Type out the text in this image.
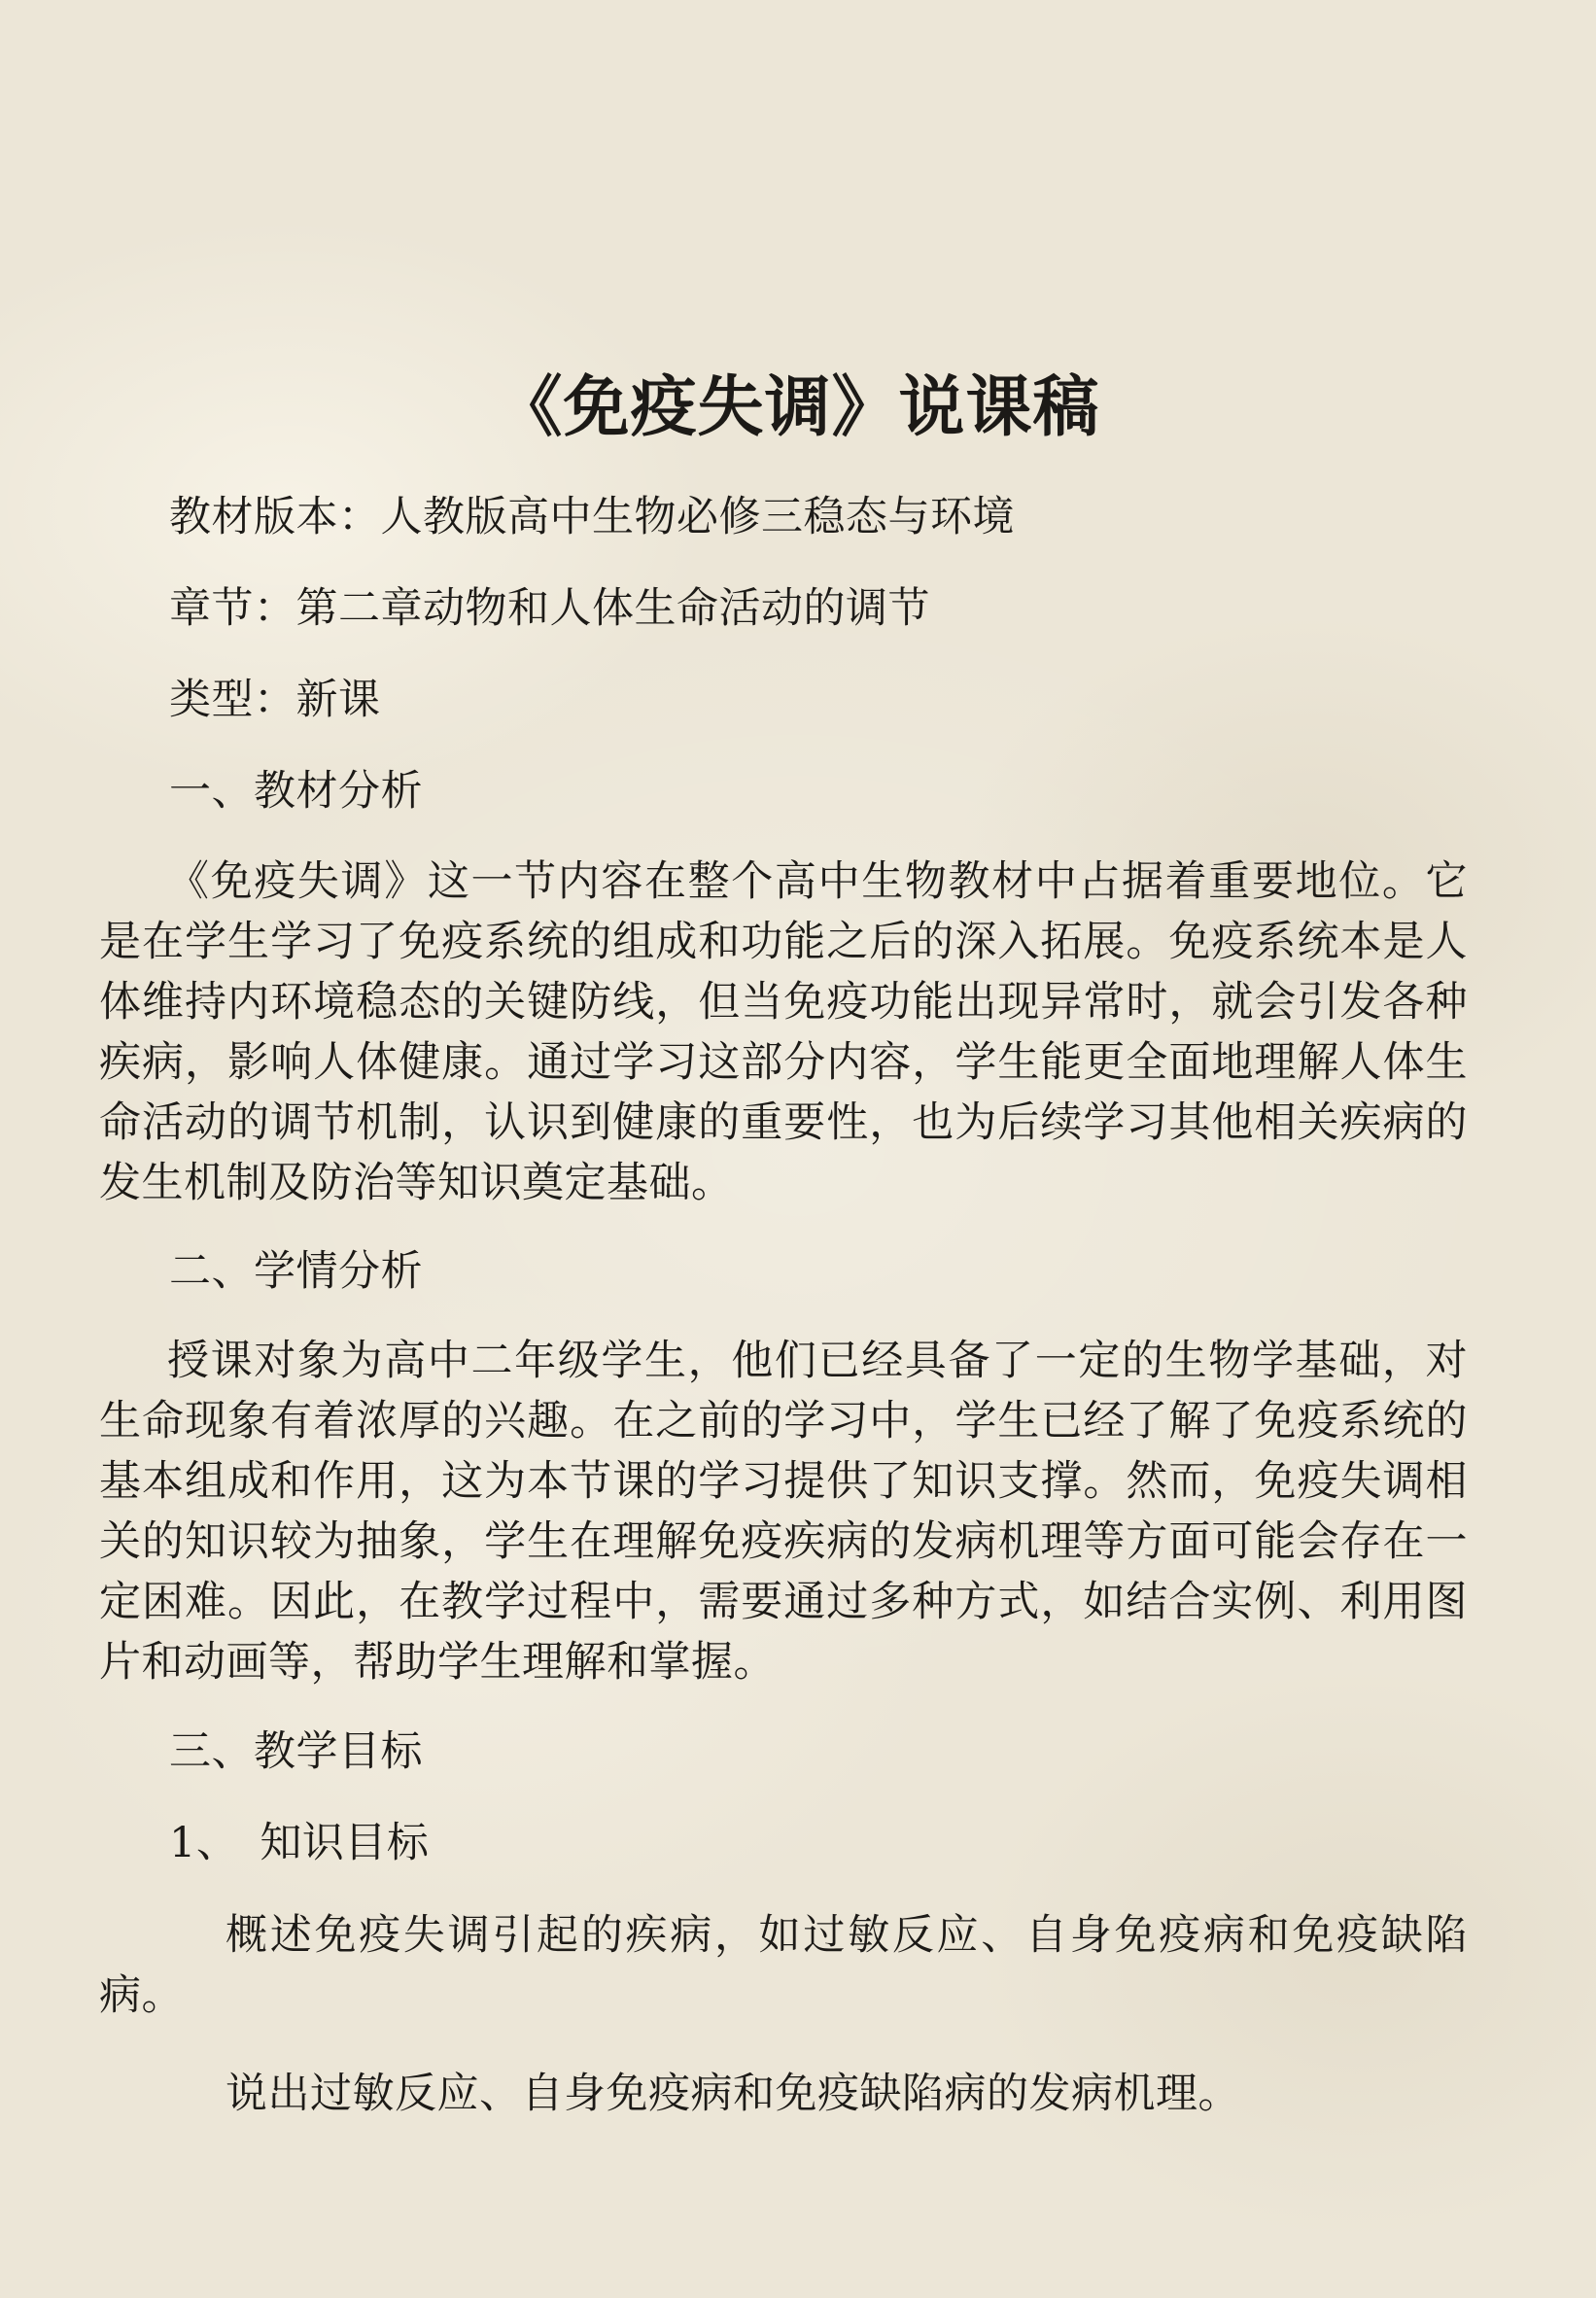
《免疫失调》说课稿
教材版本：人教版高中生物必修三稳态与环境
章节：第二章动物和人体生命活动的调节
类型：新课
一、教材分析
《免疫失调》这一节内容在整个高中生物教材中占据着重要地位。它是在学生学习了免疫系统的组成和功能之后的深入拓展。免疫系统本是人体维持内环境稳态的关键防线，但当免疫功能出现异常时，就会引发各种疾病，影响人体健康。通过学习这部分内容，学生能更全面地理解人体生命活动的调节机制，认识到健康的重要性，也为后续学习其他相关疾病的发生机制及防治等知识奠定基础。
二、学情分析
授课对象为高中二年级学生，他们已经具备了一定的生物学基础，对生命现象有着浓厚的兴趣。在之前的学习中，学生已经了解了免疫系统的基本组成和作用，这为本节课的学习提供了知识支撑。然而，免疫失调相关的知识较为抽象，学生在理解免疫疾病的发病机理等方面可能会存在一定困难。因此，在教学过程中，需要通过多种方式，如结合实例、利用图片和动画等，帮助学生理解和掌握。
三、教学目标
1、　知识目标
概述免疫失调引起的疾病，如过敏反应、自身免疫病和免疫缺陷病。
说出过敏反应、自身免疫病和免疫缺陷病的发病机理。
